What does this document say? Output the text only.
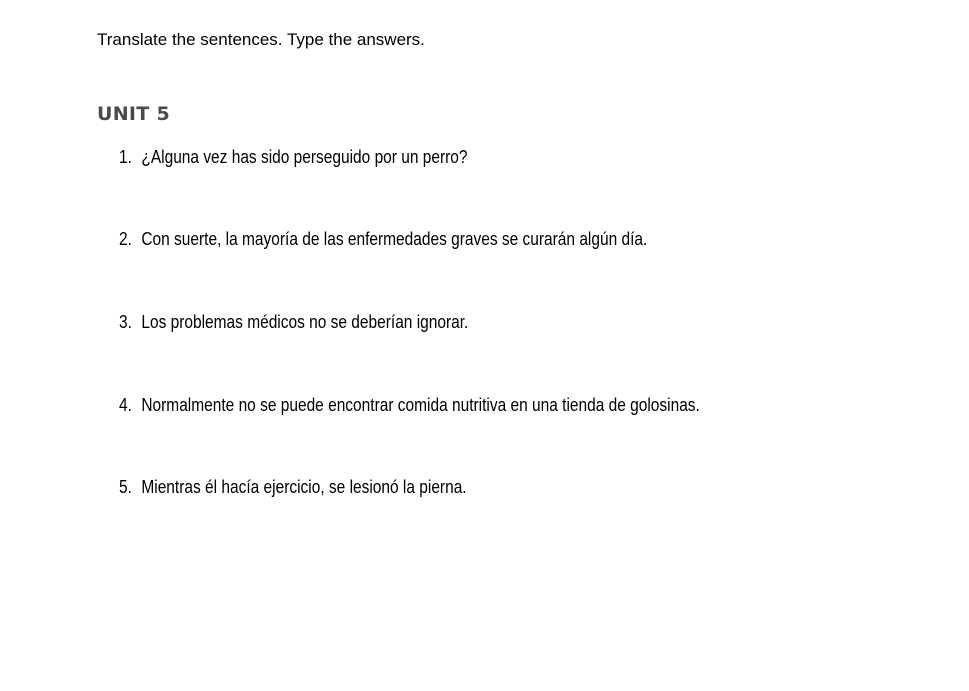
Translate the sentences. Type the answers.
UNIT 5
1. ¿Alguna vez has sido perseguido por un perro?
2. Con suerte, la mayoría de las enfermedades graves se curarán algún día.
3. Los problemas médicos no se deberían ignorar.
4. Normalmente no se puede encontrar comida nutritiva en una tienda de golosinas.
5. Mientras él hacía ejercicio, se lesionó la pierna.
